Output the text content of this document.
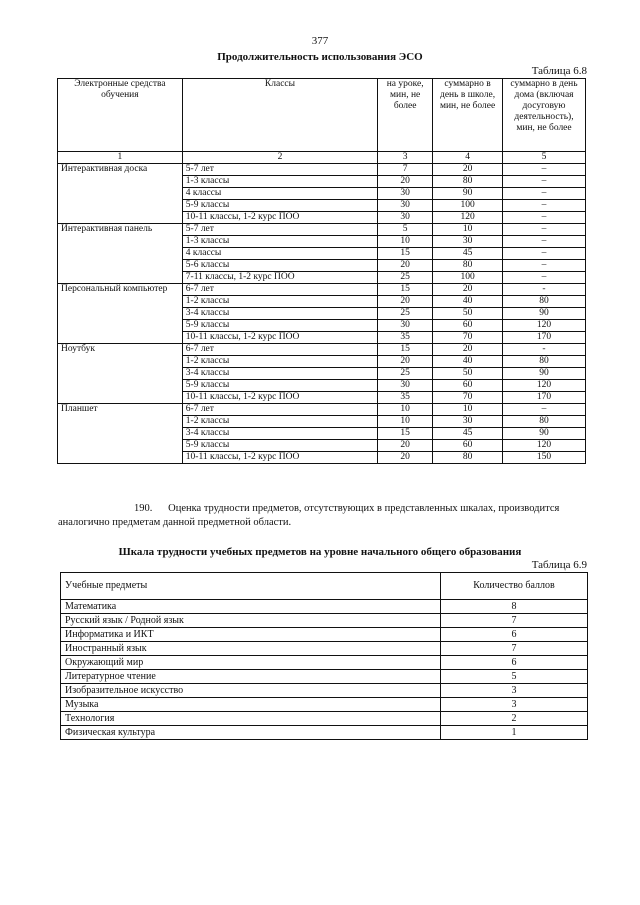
377
Продолжительность использования ЭСО
Таблица 6.8
Электронные средства обучения	Классы	на уроке, мин, не более	суммарно в день в школе, мин, не более	суммарно в день дома (включая досуговую деятельность), мин, не более
1	2	3	4	5
Интерактивная доска	5-7 лет	7	20	–
	1-3 классы	20	80	–
	4 классы	30	90	–
	5-9 классы	30	100	–
	10-11 классы, 1-2 курс ПОО	30	120	–
Интерактивная панель	5-7 лет	5	10	–
	1-3 классы	10	30	–
	4 классы	15	45	–
	5-6 классы	20	80	–
	7-11 классы, 1-2 курс ПОО	25	100	–
Персональный компьютер	6-7 лет	15	20	-
	1-2 классы	20	40	80
	3-4 классы	25	50	90
	5-9 классы	30	60	120
	10-11 классы, 1-2 курс ПОО	35	70	170
Ноутбук	6-7 лет	15	20	-
	1-2 классы	20	40	80
	3-4 классы	25	50	90
	5-9 классы	30	60	120
	10-11 классы, 1-2 курс ПОО	35	70	170
Планшет	6-7 лет	10	10	–
	1-2 классы	10	30	80
	3-4 классы	15	45	90
	5-9 классы	20	60	120
	10-11 классы, 1-2 курс ПОО	20	80	150
190. Оценка трудности предметов, отсутствующих в представленных шкалах, производится
аналогично предметам данной предметной области.
Шкала трудности учебных предметов на уровне начального общего образования
Таблица 6.9
Учебные предметы	Количество баллов
Математика	8
Русский язык / Родной язык	7
Информатика и ИКТ	6
Иностранный язык	7
Окружающий мир	6
Литературное чтение	5
Изобразительное искусство	3
Музыка	3
Технология	2
Физическая культура	1
